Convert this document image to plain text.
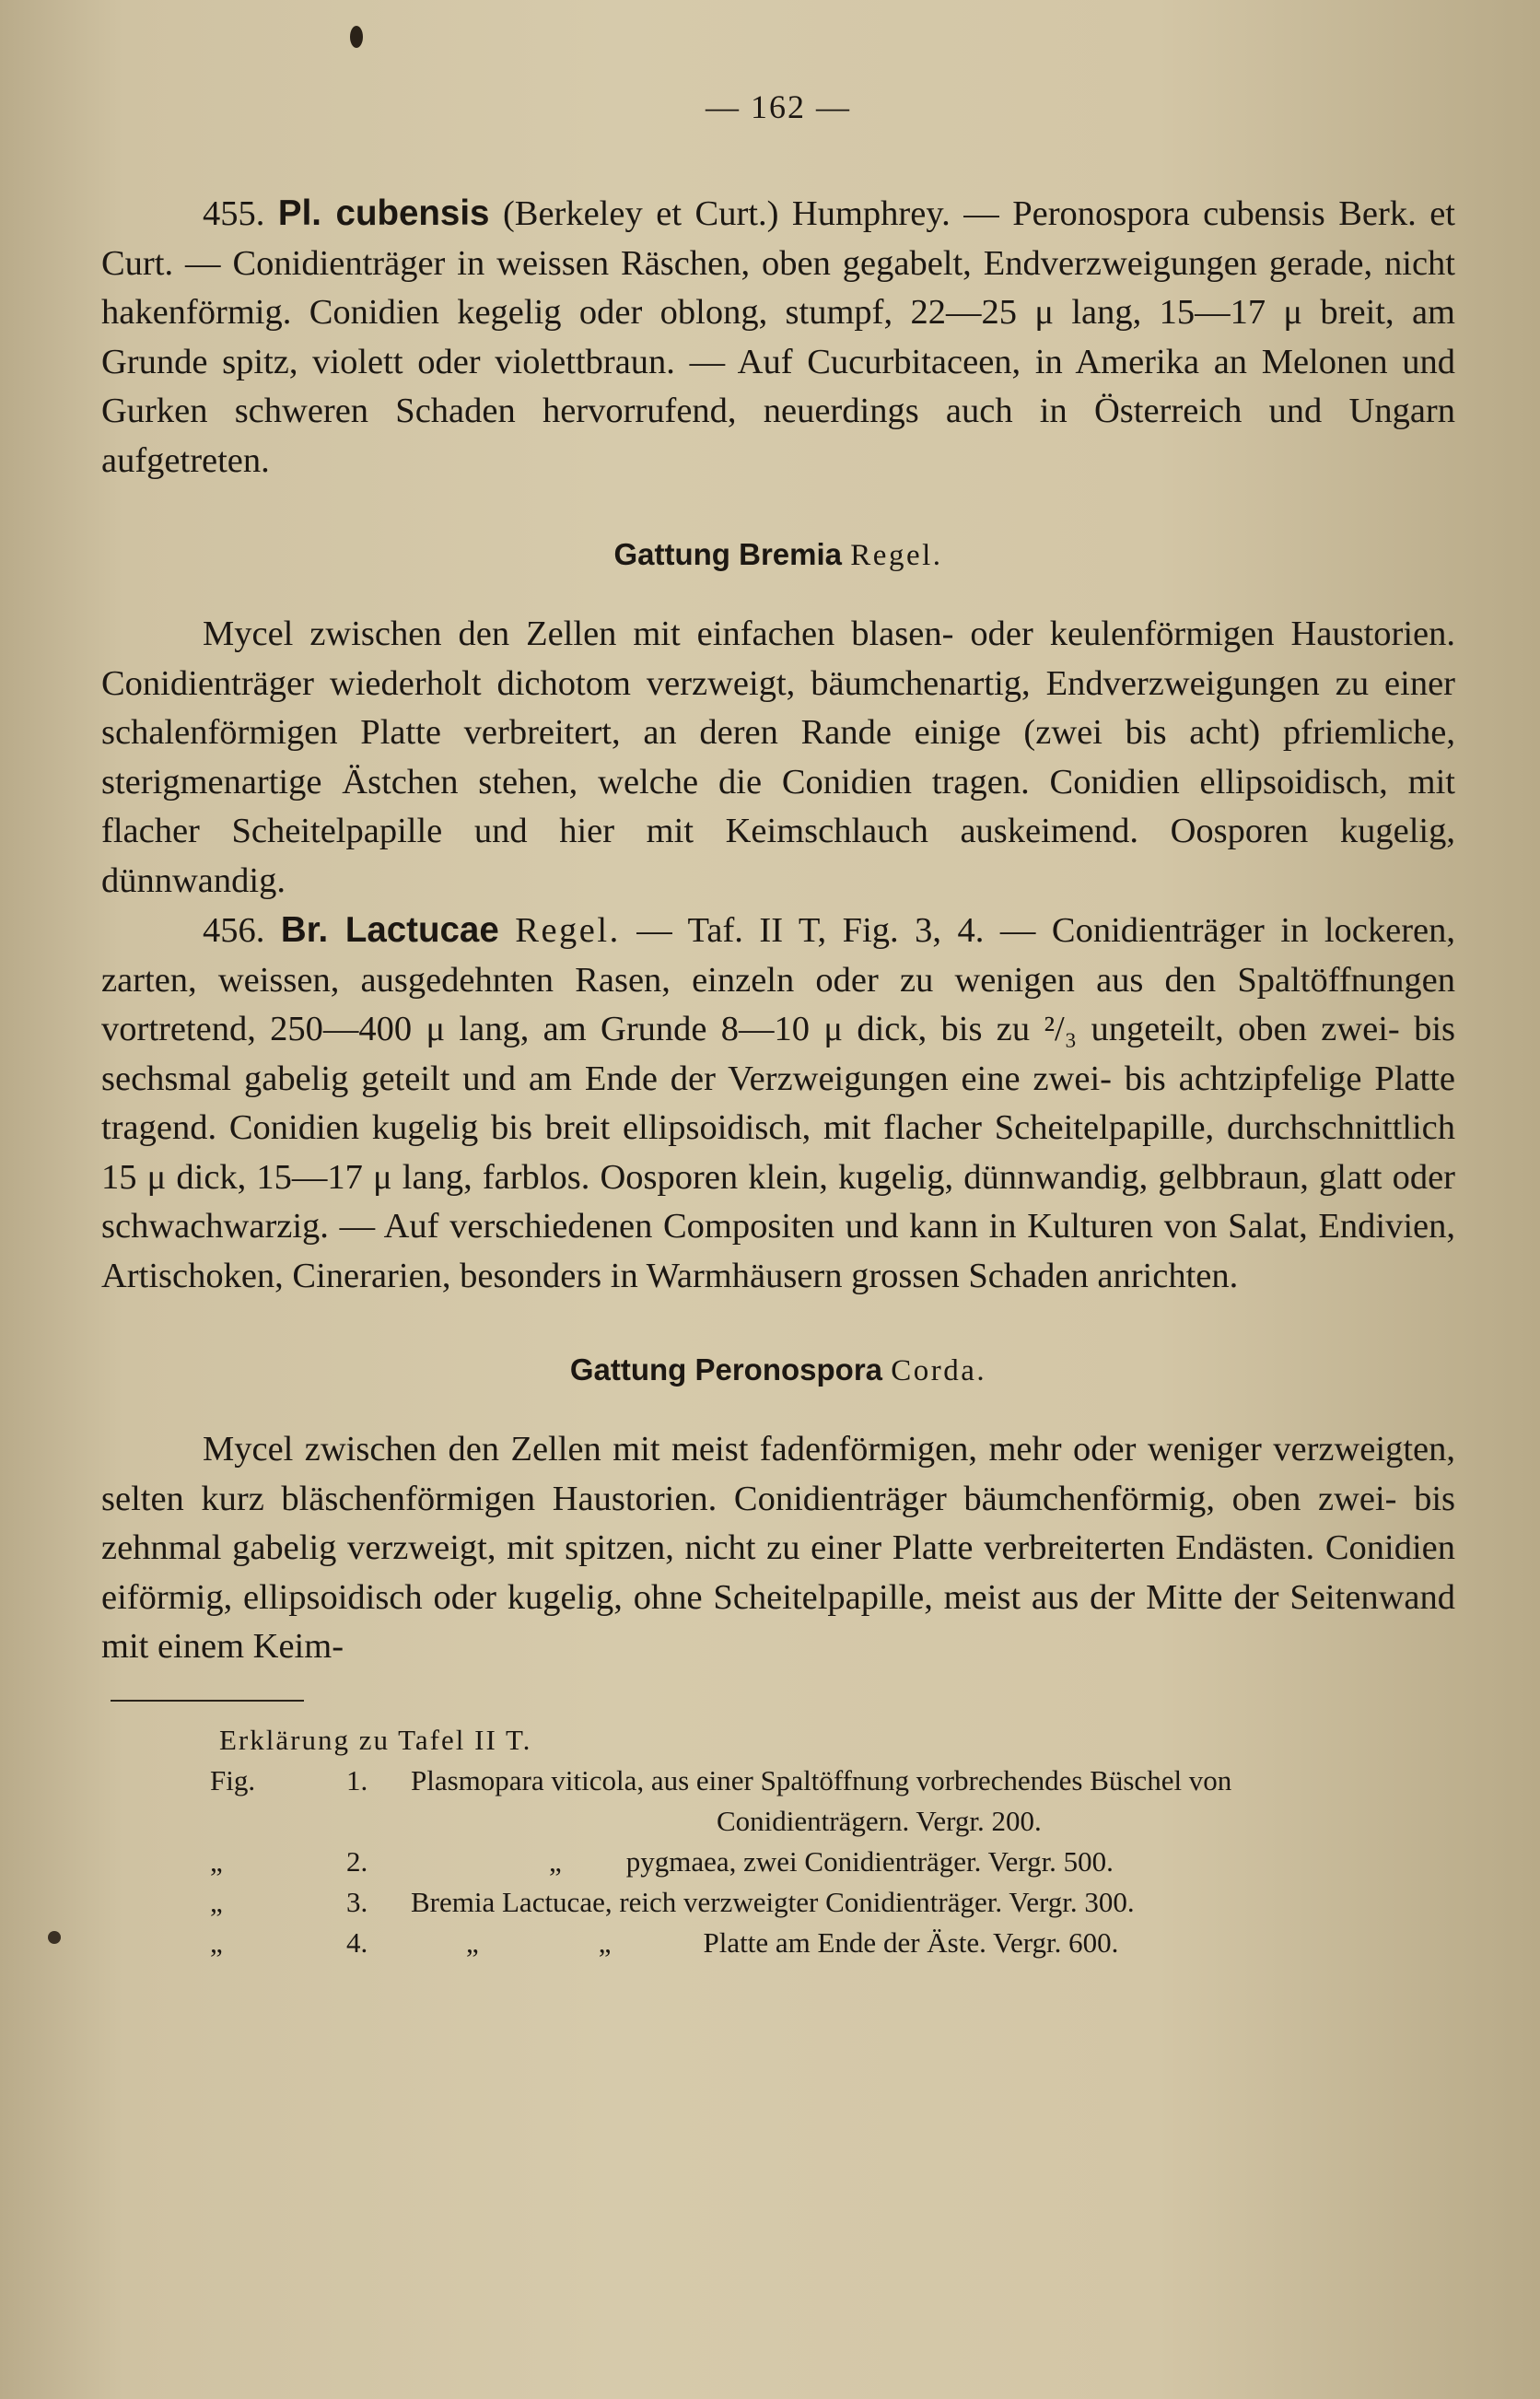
— 162 —

455. Pl. cubensis (Berkeley et Curt.) Humphrey. — Peronospora cubensis Berk. et Curt. — Conidienträger in weissen Räschen, oben gegabelt, Endverzweigungen gerade, nicht hakenförmig. Conidien kegelig oder oblong, stumpf, 22—25 μ lang, 15—17 μ breit, am Grunde spitz, violett oder violettbraun. — Auf Cucurbitaceen, in Amerika an Melonen und Gurken schweren Schaden hervorrufend, neuerdings auch in Österreich und Ungarn aufgetreten.

Gattung Bremia Regel.

Mycel zwischen den Zellen mit einfachen blasen- oder keulenförmigen Haustorien. Conidienträger wiederholt dichotom verzweigt, bäumchenartig, Endverzweigungen zu einer schalenförmigen Platte verbreitert, an deren Rande einige (zwei bis acht) pfriemliche, sterigmenartige Ästchen stehen, welche die Conidien tragen. Conidien ellipsoidisch, mit flacher Scheitelpapille und hier mit Keimschlauch auskeimend. Oosporen kugelig, dünnwandig.

456. Br. Lactucae Regel. — Taf. II T, Fig. 3, 4. — Conidienträger in lockeren, zarten, weissen, ausgedehnten Rasen, einzeln oder zu wenigen aus den Spaltöffnungen vortretend, 250—400 μ lang, am Grunde 8—10 μ dick, bis zu ²/₃ ungeteilt, oben zwei- bis sechsmal gabelig geteilt und am Ende der Verzweigungen eine zwei- bis achtzipfelige Platte tragend. Conidien kugelig bis breit ellipsoidisch, mit flacher Scheitelpapille, durchschnittlich 15 μ dick, 15—17 μ lang, farblos. Oosporen klein, kugelig, dünnwandig, gelbbraun, glatt oder schwachwarzig. — Auf verschiedenen Compositen und kann in Kulturen von Salat, Endivien, Artischoken, Cinerarien, besonders in Warmhäusern grossen Schaden anrichten.

Gattung Peronospora Corda.

Mycel zwischen den Zellen mit meist fadenförmigen, mehr oder weniger verzweigten, selten kurz bläschenförmigen Haustorien. Conidienträger bäumchenförmig, oben zwei- bis zehnmal gabelig verzweigt, mit spitzen, nicht zu einer Platte verbreiterten Endästen. Conidien eiförmig, ellipsoidisch oder kugelig, ohne Scheitelpapille, meist aus der Mitte der Seitenwand mit einem Keim-

Erklärung zu Tafel II T.
Fig.	1.	Plasmopara viticola, aus einer Spaltöffnung vorbrechendes Büschel von
Conidienträgern. Vergr. 200.
„	2.	„	pygmaea, zwei Conidienträger. Vergr. 500.
„	3.	Bremia Lactucae, reich verzweigter Conidienträger. Vergr. 300.
„	4.	„	„	Platte am Ende der Äste. Vergr. 600.
